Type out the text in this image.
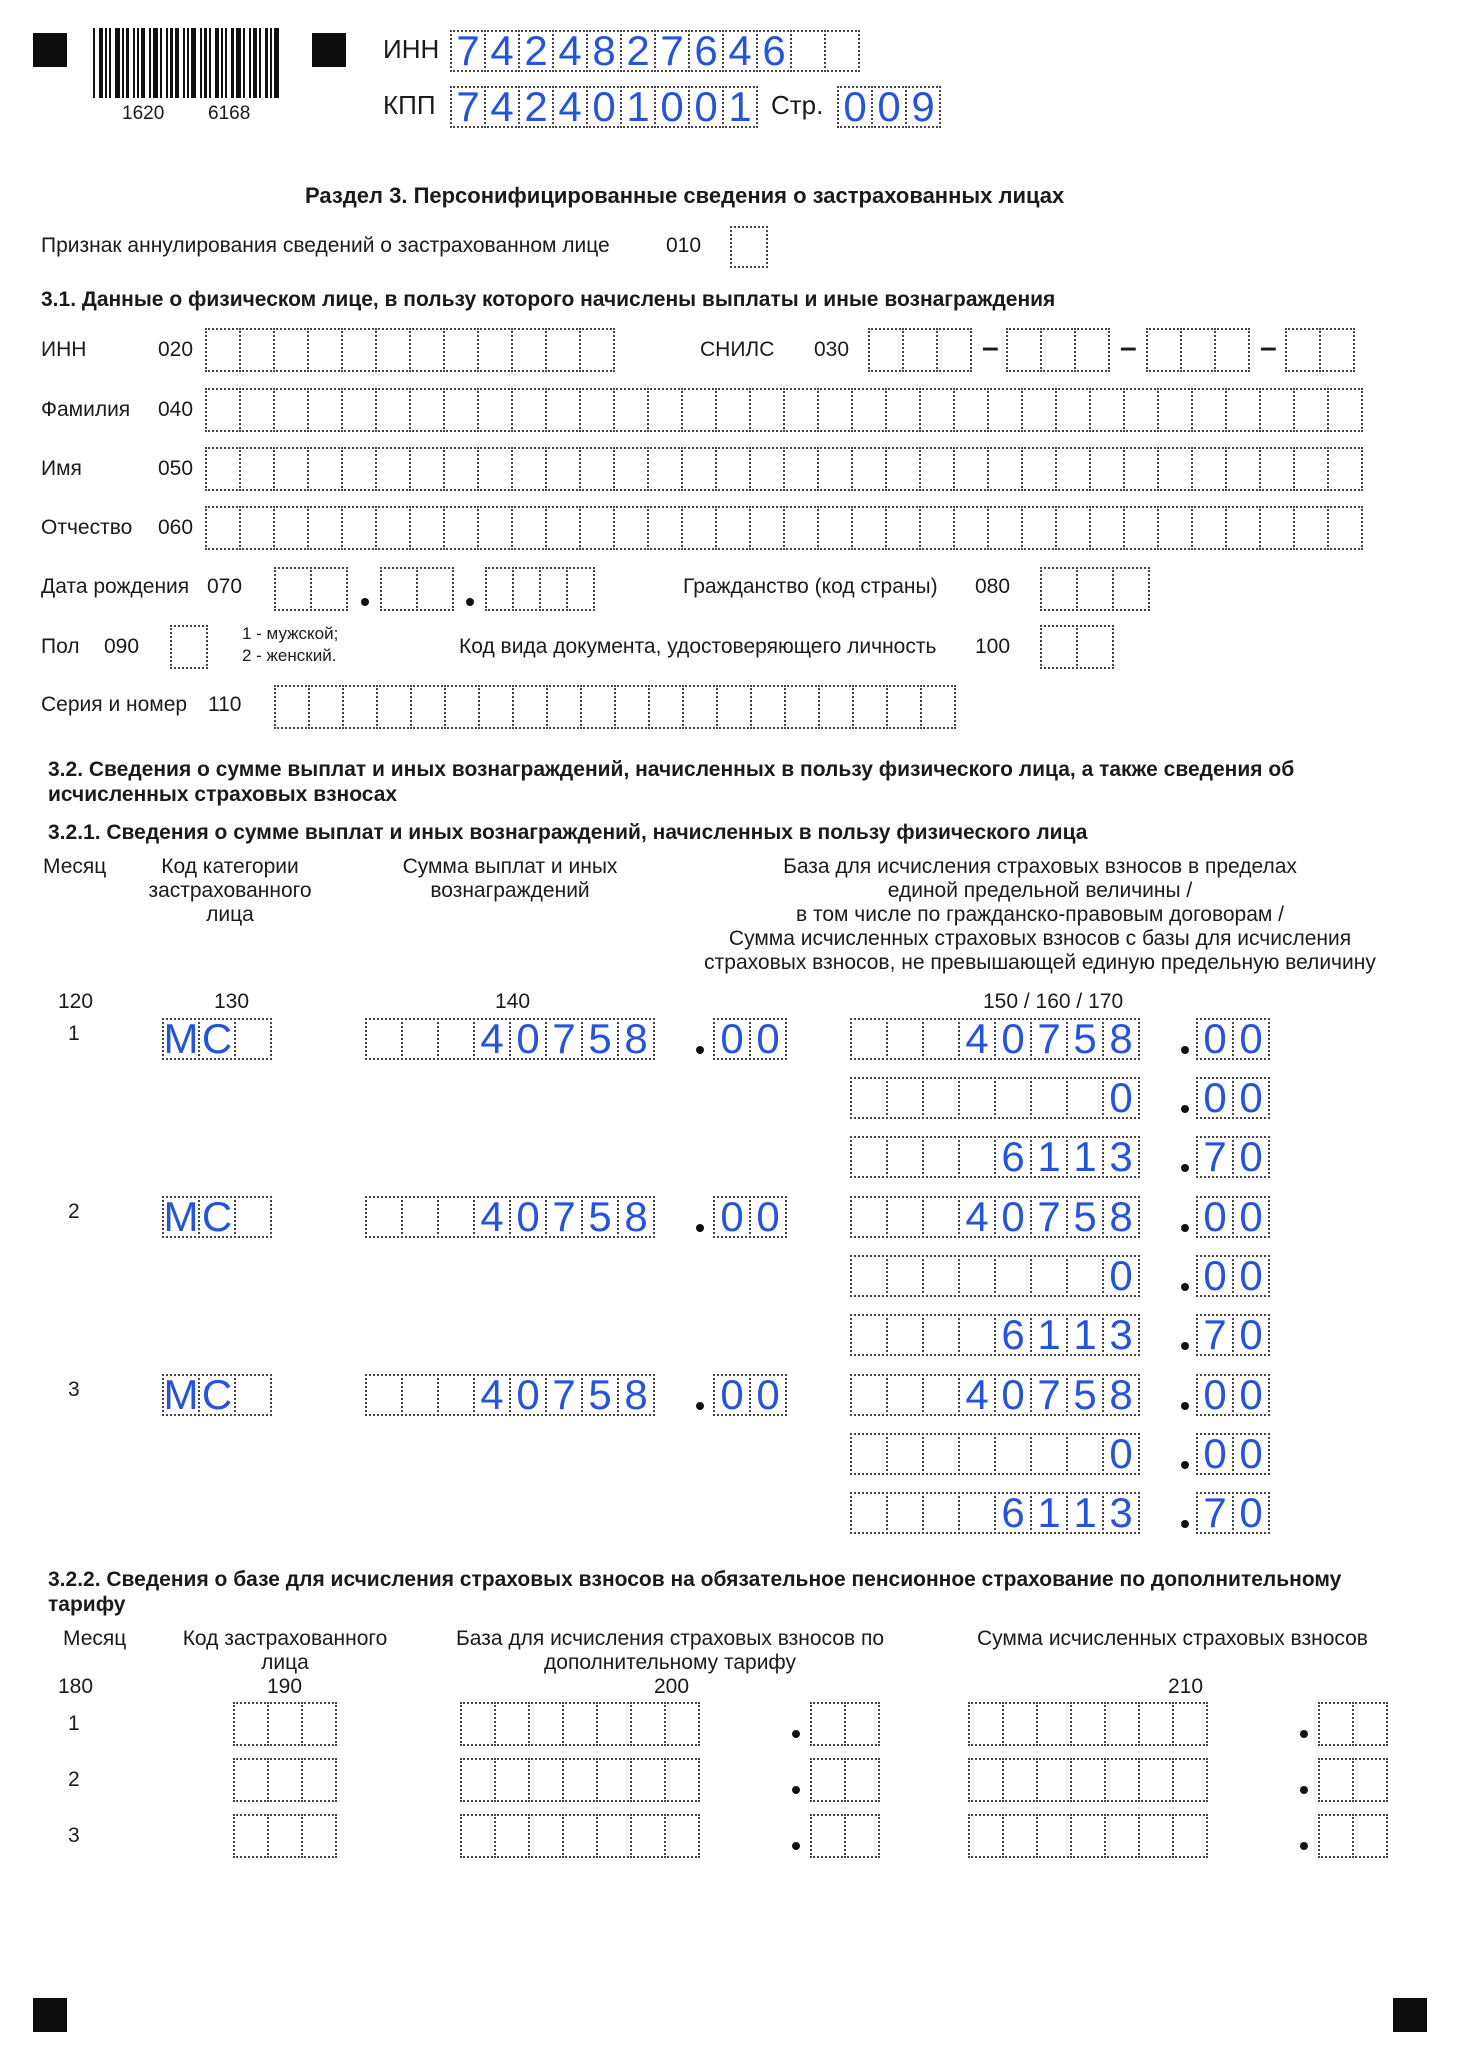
1620 6168
ИНН 7 4 2 4 8 2 7 6 4 6
КПП 7 4 2 4 0 1 0 0 1 Стр. 0 0 9
Раздел 3. Персонифицированные сведения о застрахованных лицах
Признак аннулирования сведений о застрахованном лице	010
3.1. Данные о физическом лице, в пользу которого начислены выплаты и иные вознаграждения
ИНН	020	СНИЛС 030	–	–	–
Фамилия 040
Имя	050
Отчество 060
Дата рождения 070	Гражданство (код страны) 080
Пол 090
1 - мужской;
2 - женский.	Код вида документа, удостоверяющего личность 100
Серия и номер 110
3.2. Сведения о сумме выплат и иных вознаграждений, начисленных в пользу физического лица, а также сведения об
исчисленных страховых взносах
3.2.1. Сведения о сумме выплат и иных вознаграждений, начисленных в пользу физического лица
Месяц	Код категории
застрахованного
лица
Сумма выплат и иных
вознаграждений
База для исчисления страховых взносов в пределах
единой предельной величины /
в том числе по гражданско-правовым договорам /
Сумма исчисленных страховых взносов с базы для исчисления
страховых взносов, не превышающей единую предельную величину
120	130	140	150 / 160 / 170
1 М С	4 0 7 5 8 0 0	4 0 7 5 8 0 0
0 0 0
6 1 1 3 7 0
2 М С	4 0 7 5 8 0 0	4 0 7 5 8 0 0
0 0 0
6 1 1 3 7 0
3 М С	4 0 7 5 8 0 0	4 0 7 5 8 0 0
0 0 0
6 1 1 3 7 0
3.2.2. Сведения о базе для исчисления страховых взносов на обязательное пенсионное страхование по дополнительному
тарифу
Месяц	Код застрахованного
лица
База для исчисления страховых взносов по
дополнительному тарифу
Сумма исчисленных страховых взносов
180	190	200	210
1
2
3
